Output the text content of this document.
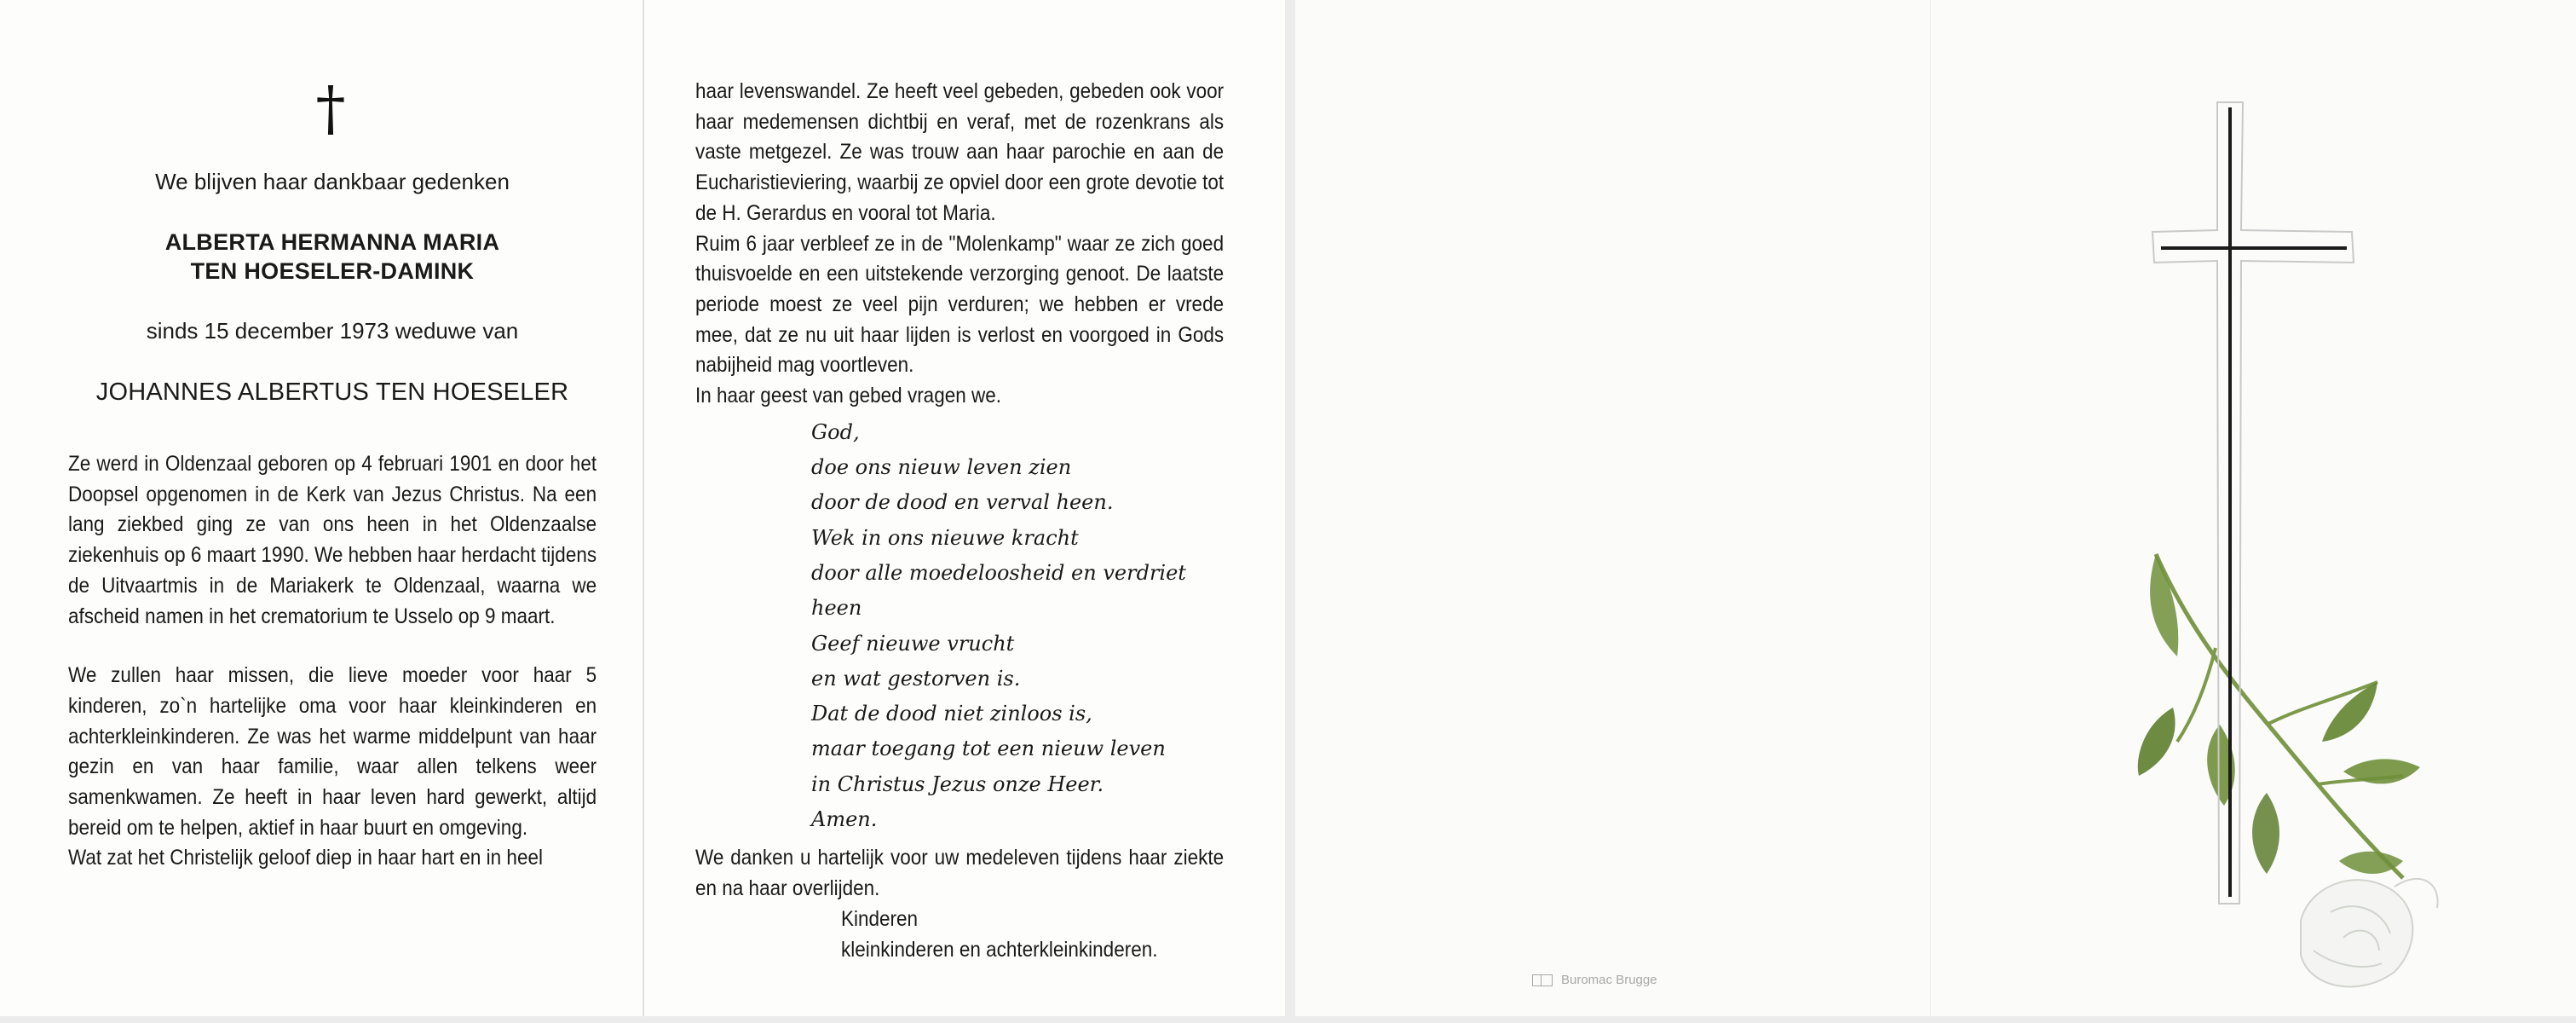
†
We blijven haar dankbaar gedenken
ALBERTA HERMANNA MARIA
TEN HOESELER-DAMINK
sinds 15 december 1973 weduwe van
JOHANNES ALBERTUS TEN HOESELER
Ze werd in Oldenzaal geboren op 4 februari 1901 en door het Doopsel opgenomen in de Kerk van Jezus Christus. Na een lang ziekbed ging ze van ons heen in het Oldenzaalse ziekenhuis op 6 maart 1990. We hebben haar herdacht tijdens de Uitvaartmis in de Mariakerk te Oldenzaal, waarna we afscheid namen in het crematorium te Usselo op 9 maart.
We zullen haar missen, die lieve moeder voor haar 5 kinderen, zo`n hartelijke oma voor haar kleinkinderen en achterkleinkinderen. Ze was het warme middelpunt van haar gezin en van haar familie, waar allen telkens weer samenkwamen. Ze heeft in haar leven hard gewerkt, altijd bereid om te helpen, aktief in haar buurt en omgeving.
Wat zat het Christelijk geloof diep in haar hart en in heel
haar levenswandel. Ze heeft veel gebeden, gebeden ook voor haar medemensen dichtbij en veraf, met de rozenkrans als vaste metgezel. Ze was trouw aan haar parochie en aan de Eucharistieviering, waarbij ze opviel door een grote devotie tot de H. Gerardus en vooral tot Maria.
Ruim 6 jaar verbleef ze in de "Molenkamp" waar ze zich goed thuisvoelde en een uitstekende verzorging genoot. De laatste periode moest ze veel pijn verduren; we hebben er vrede mee, dat ze nu uit haar lijden is verlost en voorgoed in Gods nabijheid mag voortleven.
In haar geest van gebed vragen we.
God,
doe ons nieuw leven zien
door de dood en verval heen.
Wek in ons nieuwe kracht
door alle moedeloosheid en verdriet heen
Geef nieuwe vrucht
en wat gestorven is.
Dat de dood niet zinloos is,
maar toegang tot een nieuw leven
in Christus Jezus onze Heer.
Amen.
We danken u hartelijk voor uw medeleven tijdens haar ziekte en na haar overlijden.
Kinderen
kleinkinderen en achterkleinkinderen.
Buromac Brugge
